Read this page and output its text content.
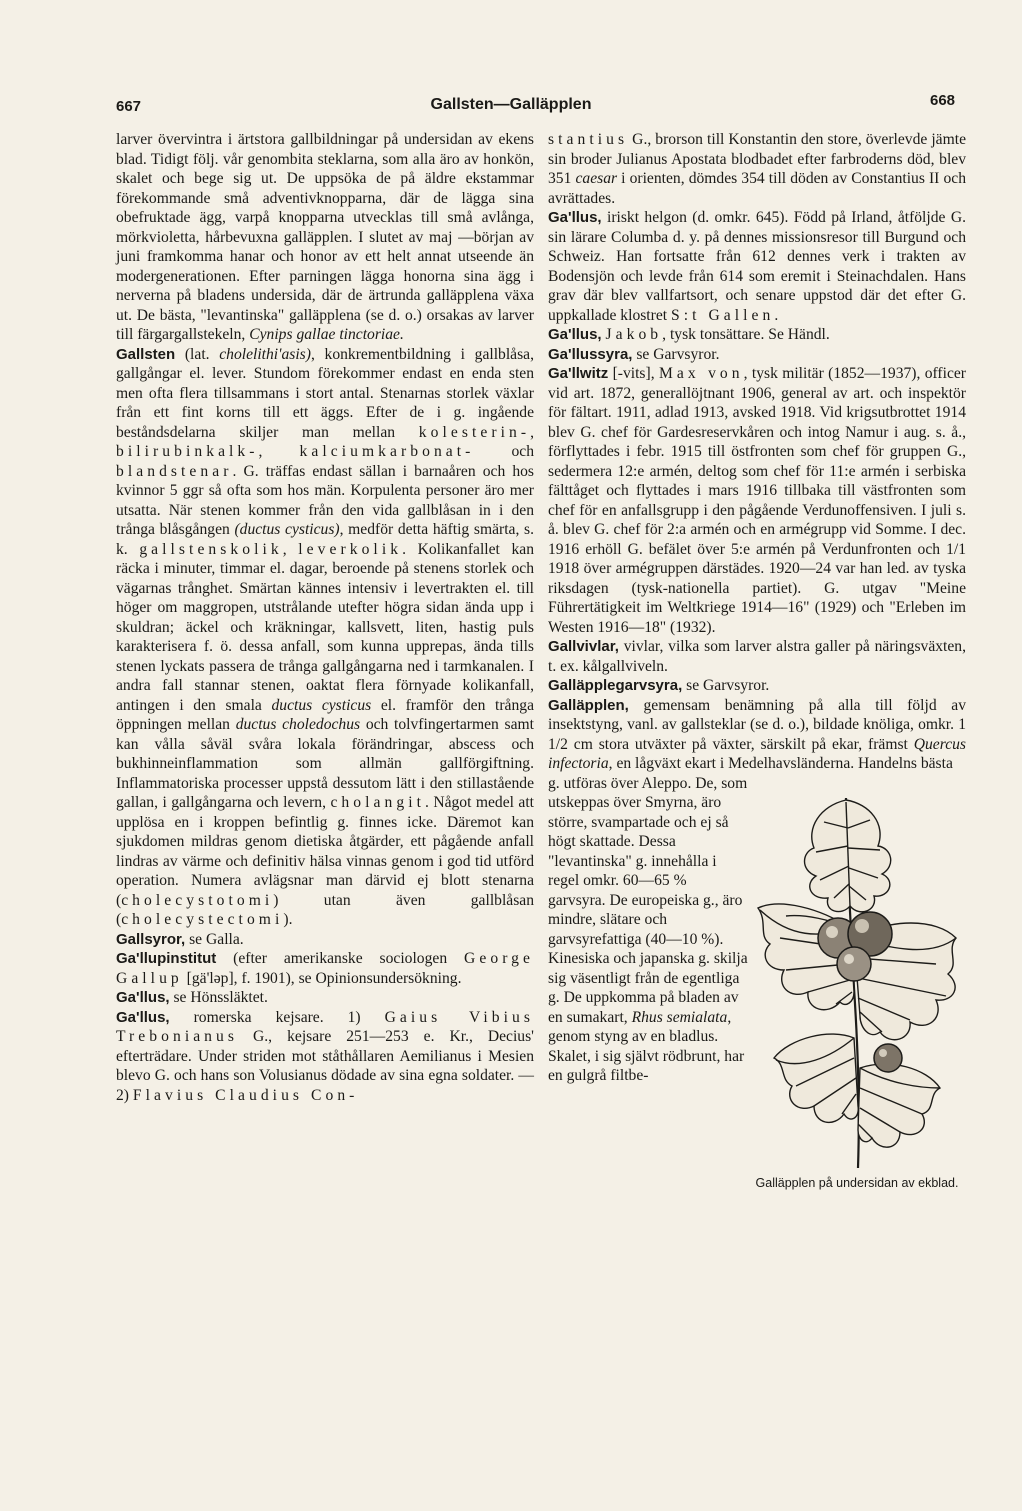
667	Gallsten—Galläpplen	668

larver övervintra i ärtstora gallbildningar på undersidan av ekens blad. Tidigt följ. vår genombita steklarna, som alla äro av honkön, skalet och bege sig ut. De uppsöka de på äldre ekstammar förekommande små adventivknopparna, där de lägga sina obefruktade ägg, varpå knopparna utvecklas till små avlånga, mörkvioletta, hårbevuxna galläpplen. I slutet av maj —början av juni framkomma hanar och honor av ett helt annat utseende än modergenerationen. Efter parningen lägga honorna sina ägg i nerverna på bladens undersida, där de ärtrunda galläpplena växa ut. De bästa, "levantinska" galläpplena (se d. o.) orsakas av larver till färgargallstekeln, Cynips gallae tinctoriae.

Gallsten (lat. cholelithi'asis), konkrementbildning i gallblåsa, gallgångar el. lever. Stundom förekommer endast en enda sten men ofta flera tillsammans i stort antal. Stenarnas storlek växlar från ett fint korns till ett äggs. Efter de i g. ingående beståndsdelarna skiljer man mellan kolesterin-, bilirubinkalk-, kalciumkarbonat- och blandstenar. G. träffas endast sällan i barnaåren och hos kvinnor 5 ggr så ofta som hos män. Korpulenta personer äro mer utsatta. När stenen kommer från den vida gallblåsan in i den trånga blåsgången (ductus cysticus), medför detta häftig smärta, s. k. gallstenskolik, leverkolik. Kolikanfallet kan räcka i minuter, timmar el. dagar, beroende på stenens storlek och vägarnas trånghet. Smärtan kännes intensiv i levertrakten el. till höger om maggropen, utstrålande utefter högra sidan ända upp i skuldran; äckel och kräkningar, kallsvett, liten, hastig puls karakterisera f. ö. dessa anfall, som kunna upprepas, ända tills stenen lyckats passera de trånga gallgångarna ned i tarmkanalen. I andra fall stannar stenen, oaktat flera förnyade kolikanfall, antingen i den smala ductus cysticus el. framför den trånga öppningen mellan ductus choledochus och tolvfingertarmen samt kan vålla såväl svåra lokala förändringar, abscess och bukhinneinflammation som allmän gallförgiftning. Inflammatoriska processer uppstå dessutom lätt i den stillastående gallan, i gallgångarna och levern, cholangit. Något medel att upplösa en i kroppen befintlig g. finnes icke. Däremot kan sjukdomen mildras genom dietiska åtgärder, ett pågående anfall lindras av värme och definitiv hälsa vinnas genom i god tid utförd operation. Numera avlägsnar man därvid ej blott stenarna (cholecystotomi) utan även gallblåsan (cholecystectomi).

Gallsyror, se Galla.

Ga'llupinstitut (efter amerikanske sociologen George Gallup [gä'ləp], f. 1901), se Opinionsundersökning.

Ga'llus, se Hönssläktet.

Ga'llus, romerska kejsare. 1) Gaius Vibius Trebonianus G., kejsare 251—253 e. Kr., Decius' efterträdare. Under striden mot ståthållaren Aemilianus i Mesien blevo G. och hans son Volusianus dödade av sina egna soldater. — 2) Flavius Claudius Con-

stantius G., brorson till Konstantin den store, överlevde jämte sin broder Julianus Apostata blodbadet efter farbroderns död, blev 351 caesar i orienten, dömdes 354 till döden av Constantius II och avrättades.

Ga'llus, iriskt helgon (d. omkr. 645). Född på Irland, åtföljde G. sin lärare Columba d. y. på dennes missionsresor till Burgund och Schweiz. Han fortsatte från 612 dennes verk i trakten av Bodensjön och levde från 614 som eremit i Steinachdalen. Hans grav där blev vallfartsort, och senare uppstod där det efter G. uppkallade klostret S:t Gallen.

Ga'llus, Jakob, tysk tonsättare. Se Händl.

Ga'llussyra, se Garvsyror.

Ga'llwitz [-vits], Max von, tysk militär (1852—1937), officer vid art. 1872, generallöjtnant 1906, general av art. och inspektör för fältart. 1911, adlad 1913, avsked 1918. Vid krigsutbrottet 1914 blev G. chef för Gardesreservkåren och intog Namur i aug. s. å., förflyttades i febr. 1915 till östfronten som chef för gruppen G., sedermera 12:e armén, deltog som chef för 11:e armén i serbiska fälttåget och flyttades i mars 1916 tillbaka till västfronten som chef för en anfallsgrupp i den pågående Verdunoffensiven. I juli s. å. blev G. chef för 2:a armén och en armégrupp vid Somme. I dec. 1916 erhöll G. befälet över 5:e armén på Verdunfronten och 1/1 1918 över armégruppen därstädes. 1920—24 var han led. av tyska riksdagen (tysk-nationella partiet). G. utgav "Meine Führertätigkeit im Weltkriege 1914—16" (1929) och "Erleben im Westen 1916—18" (1932).

Gallvivlar, vivlar, vilka som larver alstra galler på näringsväxten, t. ex. kålgallviveln.

Galläpplegarvsyra, se Garvsyror.

Galläpplen, gemensam benämning på alla till följd av insektstyng, vanl. av gallsteklar (se d. o.), bildade knöliga, omkr. 1 1/2 cm stora utväxter på växter, särskilt på ekar, främst Quercus infectoria, en lågväxt ekart i Medelhavsländerna. Handelns bästa

g. utföras över Aleppo. De, som utskeppas över Smyrna, äro större, svampartade och ej så högt skattade. Dessa "levantinska" g. innehålla i regel omkr. 60—65 % garvsyra. De europeiska g., äro mindre, slätare och garvsyrefattiga (40—10 %).

Kinesiska och japanska g. skilja sig väsentligt från de egentliga g. De uppkomma på bladen av en sumakart, Rhus semialata, genom styng av en bladlus. Skalet, i sig självt rödbrunt, har en gulgrå filtbe-

Galläpplen på undersidan av ekblad.
